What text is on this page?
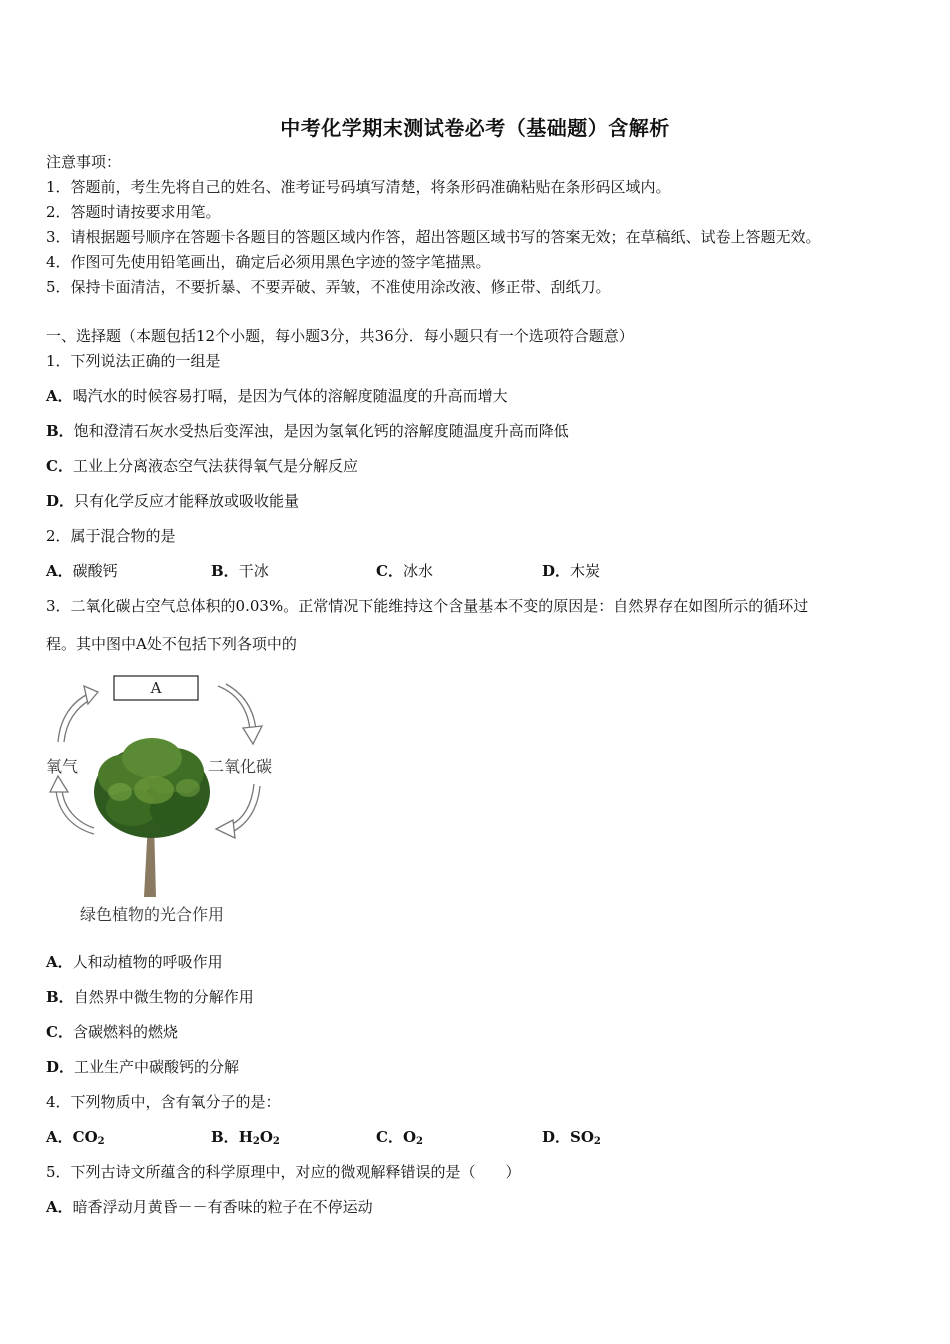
中考化学期末测试卷必考（基础题）含解析
注意事项：
1．答题前，考生先将自己的姓名、准考证号码填写清楚，将条形码准确粘贴在条形码区域内。
2．答题时请按要求用笔。
3．请根据题号顺序在答题卡各题目的答题区域内作答，超出答题区域书写的答案无效；在草稿纸、试卷上答题无效。
4．作图可先使用铅笔画出，确定后必须用黑色字迹的签字笔描黑。
5．保持卡面清洁，不要折暴、不要弄破、弄皱，不准使用涂改液、修正带、刮纸刀。
一、选择题（本题包括12个小题，每小题3分，共36分．每小题只有一个选项符合题意）
1．下列说法正确的一组是
A．喝汽水的时候容易打嗝，是因为气体的溶解度随温度的升高而增大
B．饱和澄清石灰水受热后变浑浊，是因为氢氧化钙的溶解度随温度升高而降低
C．工业上分离液态空气法获得氧气是分解反应
D．只有化学反应才能释放或吸收能量
2．属于混合物的是
A．碳酸钙	B．干冰	C．冰水	D．木炭
3．二氧化碳占空气总体积的0.03%。正常情况下能维持这个含量基本不变的原因是：自然界存在如图所示的循环过
程。其中图中A处不包括下列各项中的
A
氧气	二氧化碳
绿色植物的光合作用
A．人和动植物的呼吸作用
B．自然界中微生物的分解作用
C．含碳燃料的燃烧
D．工业生产中碳酸钙的分解
4．下列物质中，含有氧分子的是：
A．$CO_2$	B．$H_2O_2$	C．$O_2$	D．$SO_2$
5．下列古诗文所蕴含的科学原理中，对应的微观解释错误的是（　　）
A．暗香浮动月黄昏－－有香味的粒子在不停运动
